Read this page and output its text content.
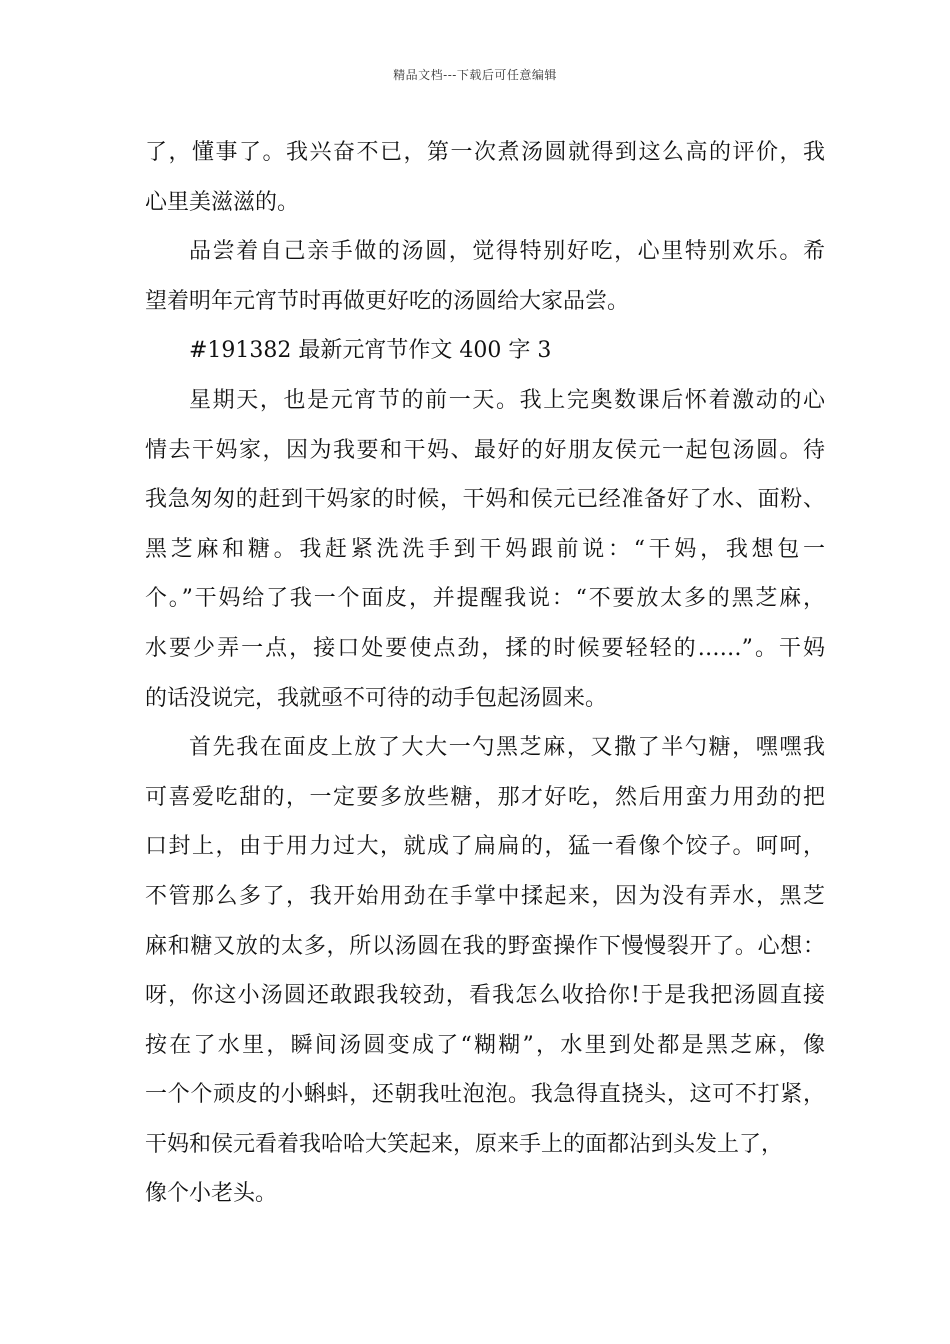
精品文档---下载后可任意编辑
了，懂事了。我兴奋不已，第一次煮汤圆就得到这么高的评价，我
心里美滋滋的。
品尝着自己亲手做的汤圆，觉得特别好吃，心里特别欢乐。希
望着明年元宵节时再做更好吃的汤圆给大家品尝。
#191382 最新元宵节作文 400 字 3
星期天，也是元宵节的前一天。我上完奥数课后怀着激动的心
情去干妈家，因为我要和干妈、最好的好朋友侯元一起包汤圆。待
我急匆匆的赶到干妈家的时候，干妈和侯元已经准备好了水、面粉、
黑芝麻和糖。我赶紧洗洗手到干妈跟前说：“干妈，我想包一
个。”干妈给了我一个面皮，并提醒我说：“不要放太多的黑芝麻，
水要少弄一点，接口处要使点劲，揉的时候要轻轻的……”。干妈
的话没说完，我就亟不可待的动手包起汤圆来。
首先我在面皮上放了大大一勺黑芝麻，又撒了半勺糖，嘿嘿我
可喜爱吃甜的，一定要多放些糖，那才好吃，然后用蛮力用劲的把
口封上，由于用力过大，就成了扁扁的，猛一看像个饺子。呵呵，
不管那么多了，我开始用劲在手掌中揉起来，因为没有弄水，黑芝
麻和糖又放的太多，所以汤圆在我的野蛮操作下慢慢裂开了。心想：
呀，你这小汤圆还敢跟我较劲，看我怎么收拾你!于是我把汤圆直接
按在了水里，瞬间汤圆变成了“糊糊”，水里到处都是黑芝麻，像
一个个顽皮的小蝌蚪，还朝我吐泡泡。我急得直挠头，这可不打紧，
干妈和侯元看着我哈哈大笑起来，原来手上的面都沾到头发上了，
像个小老头。
